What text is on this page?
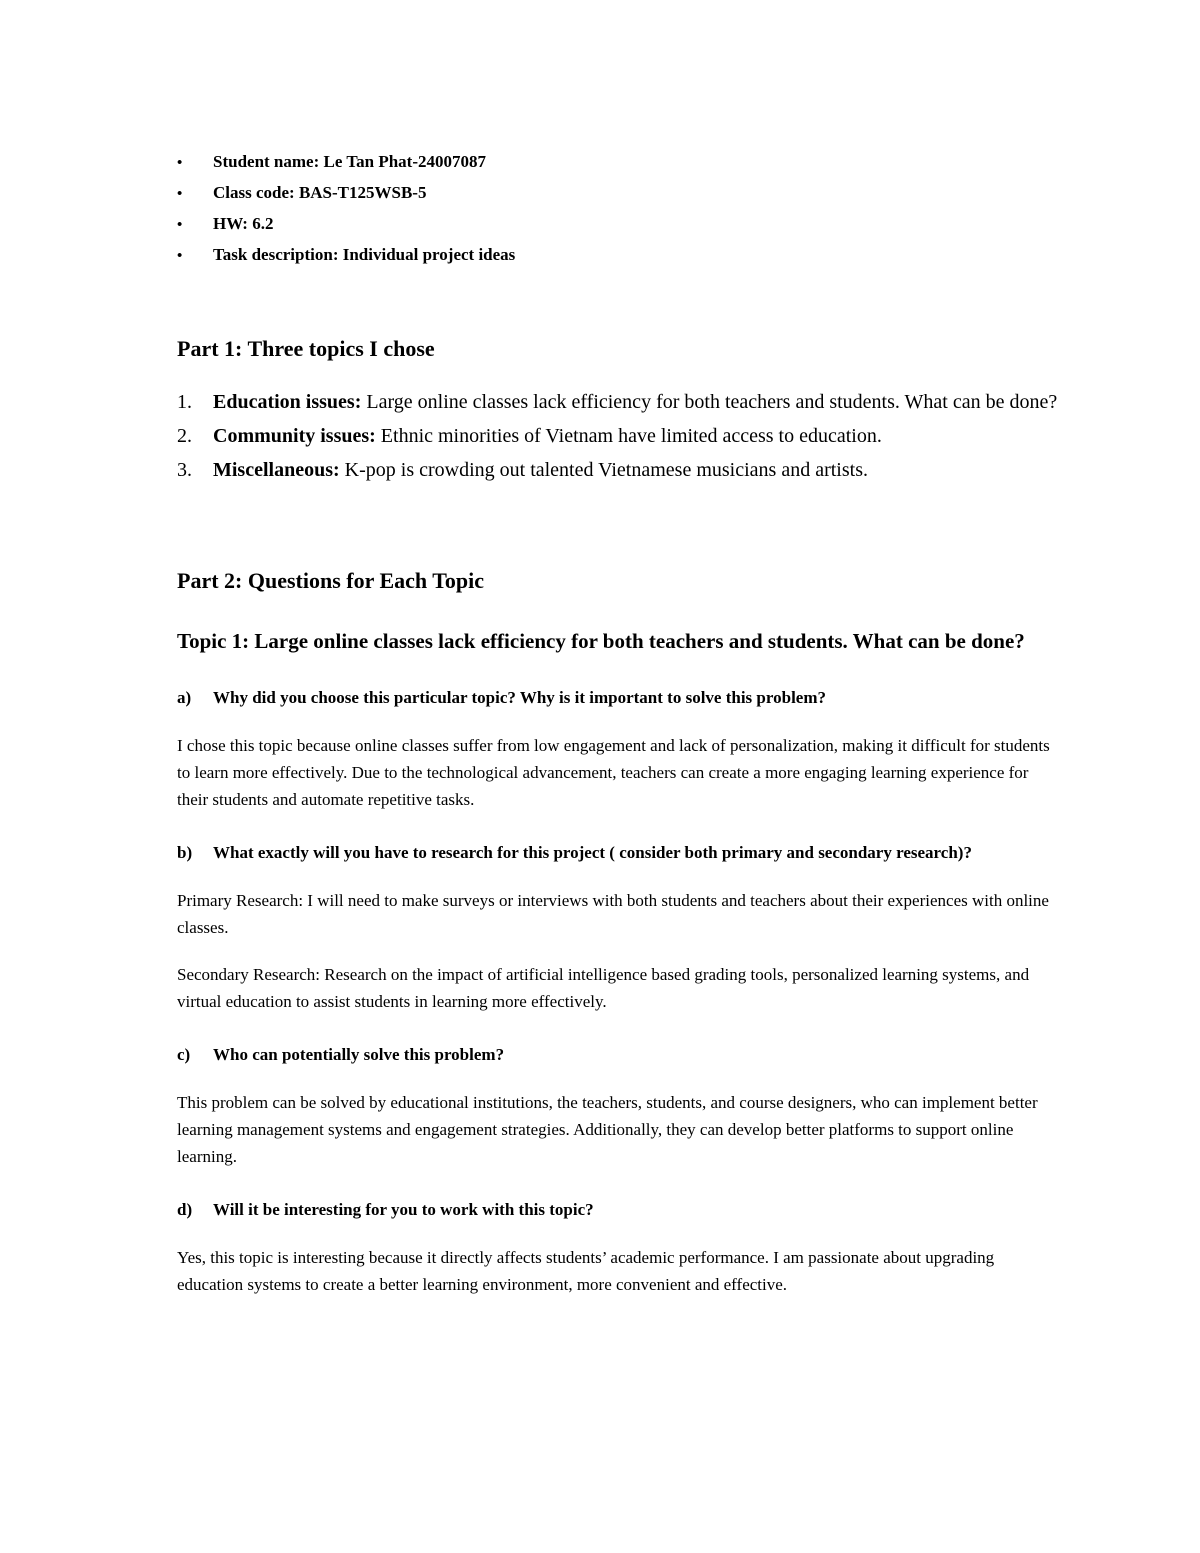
•	Student name: Le Tan Phat-24007087
•	Class code: BAS-T125WSB-5
•	HW: 6.2
•	Task description: Individual project ideas
Part 1: Three topics I chose
1.	Education issues: Large online classes lack efficiency for both teachers and students. What can be done?
2.	Community issues: Ethnic minorities of Vietnam have limited access to education.
3.	Miscellaneous: K-pop is crowding out talented Vietnamese musicians and artists.
Part 2: Questions for Each Topic
Topic 1: Large online classes lack efficiency for both teachers and students. What can be done?
a)	Why did you choose this particular topic? Why is it important to solve this problem?

I chose this topic because online classes suffer from low engagement and lack of personalization, making it difficult for students to learn more effectively. Due to the technological advancement, teachers can create a more engaging learning experience for their students and automate repetitive tasks.

b)	What exactly will you have to research for this project ( consider both primary and secondary research)?

Primary Research: I will need to make surveys or interviews with both students and teachers about their experiences with online classes.

Secondary Research: Research on the impact of artificial intelligence based grading tools, personalized learning systems, and virtual education to assist students in learning more effectively.

c)	Who can potentially solve this problem?

This problem can be solved by educational institutions, the teachers, students, and course designers, who can implement better learning management systems and engagement strategies. Additionally, they can develop better platforms to support online learning.

d)	Will it be interesting for you to work with this topic?

Yes, this topic is interesting because it directly affects students’ academic performance. I am passionate about upgrading education systems to create a better learning environment, more convenient and effective.
